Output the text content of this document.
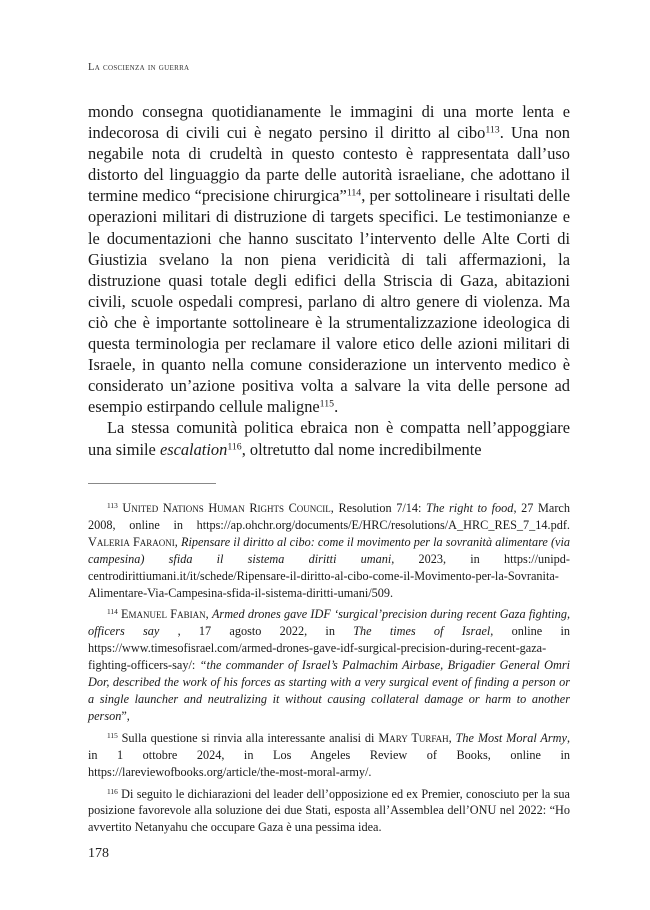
La coscienza in guerra

mondo consegna quotidianamente le immagini di una morte lenta e indecorosa di civili cui è negato persino il diritto al cibo$^{113}$. Una non negabile nota di crudeltà in questo contesto è rappresentata dall’uso distorto del linguaggio da parte delle autorità israeliane, che adottano il termine medico “precisione chirurgica”$^{114}$, per sottolineare i risultati delle operazioni militari di distruzione di targets specifici. Le testimonianze e le documentazioni che hanno suscitato l’intervento delle Alte Corti di Giustizia svelano la non piena veridicità di tali affermazioni, la distruzione quasi totale degli edifici della Striscia di Gaza, abitazioni civili, scuole ospedali compresi, parlano di altro genere di violenza. Ma ciò che è importante sottolineare è la strumentalizzazione ideologica di questa terminologia per reclamare il valore etico delle azioni militari di Israele, in quanto nella comune considerazione un intervento medico è considerato un’azione positiva volta a salvare la vita delle persone ad esempio estirpando cellule maligne$^{115}$.

La stessa comunità politica ebraica non è compatta nell’appoggiare una simile escalation$^{116}$, oltretutto dal nome incredibilmente

$^{113}$ United Nations Human Rights Council, Resolution 7/14: The right to food, 27 March 2008, online in https://ap.ohchr.org/documents/E/HRC/resolutions/A_HRC_RES_7_14.pdf. Valeria Faraoni, Ripensare il diritto al cibo: come il movimento per la sovranità alimentare (via campesina) sfida il sistema diritti umani, 2023, in https://unipd-centrodirittiumani.it/it/schede/Ripensare-il-diritto-al-cibo-come-il-Movimento-per-la-Sovranita-Alimentare-Via-Campesina-sfida-il-sistema-diritti-umani/509.

$^{114}$ Emanuel Fabian, Armed drones gave IDF ‘surgical’precision during recent Gaza fighting, officers say , 17 agosto 2022, in The times of Israel, online in https://www.timesofisrael.com/armed-drones-gave-idf-surgical-precision-during-recent-gaza-fighting-officers-say/: “the commander of Israel’s Palmachim Airbase, Brigadier General Omri Dor, described the work of his forces as starting with a very surgical event of finding a person or a single launcher and neutralizing it without causing collateral damage or harm to another person”,

$^{115}$ Sulla questione si rinvia alla interessante analisi di Mary Turfah, The Most Moral Army, in 1 ottobre 2024, in Los Angeles Review of Books, online in https://lareviewofbooks.org/article/the-most-moral-army/.

$^{116}$ Di seguito le dichiarazioni del leader dell’opposizione ed ex Premier, conosciuto per la sua posizione favorevole alla soluzione dei due Stati, esposta all’Assemblea dell’ONU nel 2022: “Ho avvertito Netanyahu che occupare Gaza è una pessima idea.

178
